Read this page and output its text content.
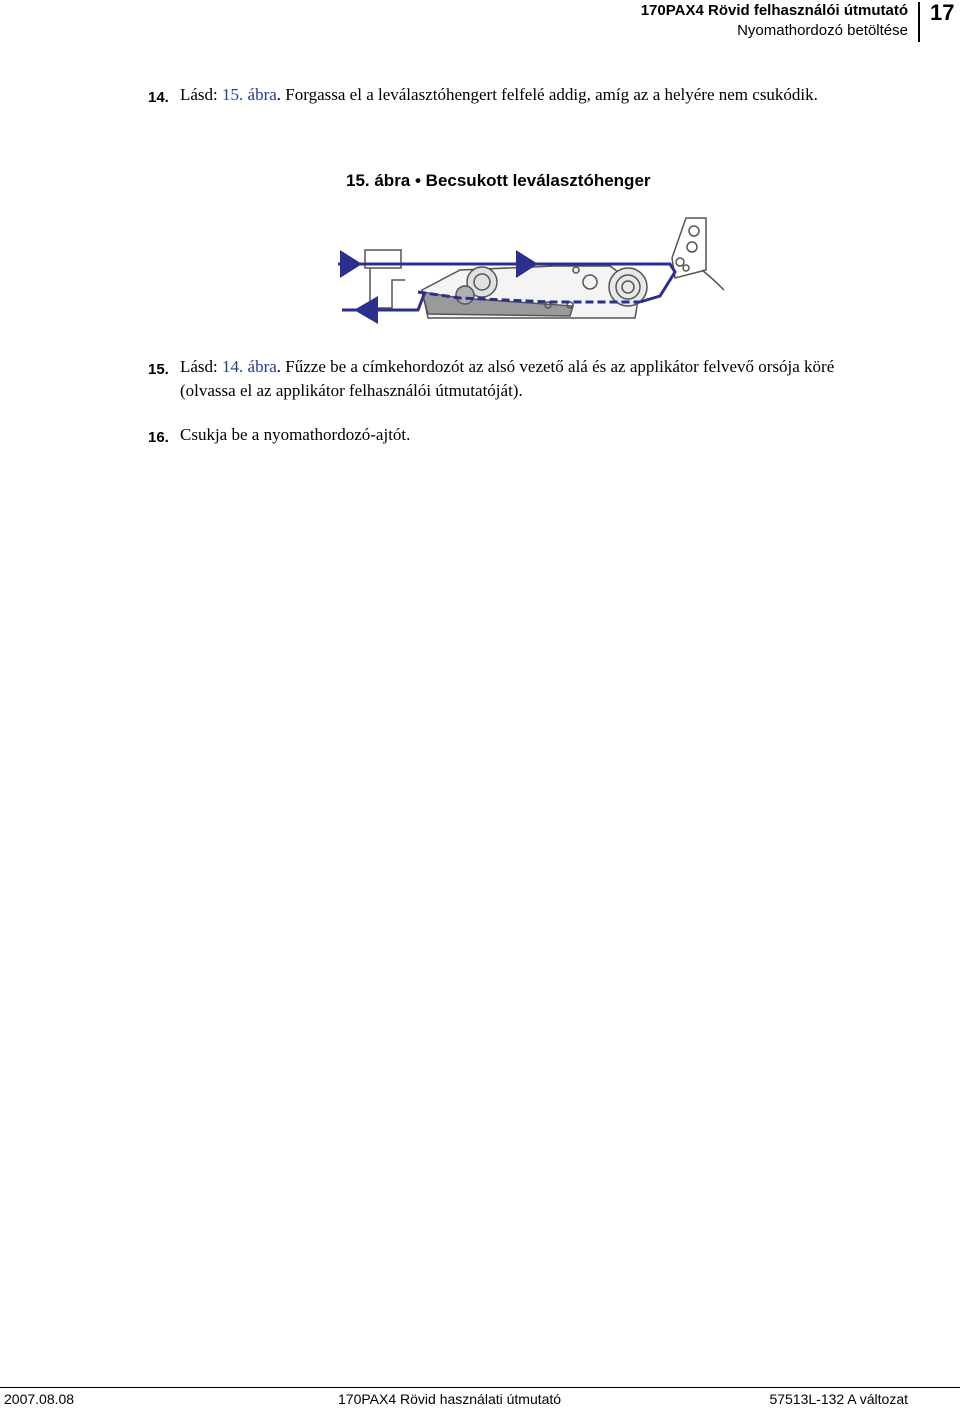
170PAX4 Rövid felhasználói útmutató
Nyomathordozó betöltése
17
14. Lásd: 15. ábra. Forgassa el a leválasztóhengert felfelé addig, amíg az a helyére nem csukódik.
15. ábra • Becsukott leválasztóhenger
15. Lásd: 14. ábra. Fűzze be a címkehordozót az alsó vezető alá és az applikátor felvevő orsója köré (olvassa el az applikátor felhasználói útmutatóját).
16. Csukja be a nyomathordozó-ajtót.
2007.08.08	170PAX4 Rövid használati útmutató	57513L-132 A változat
